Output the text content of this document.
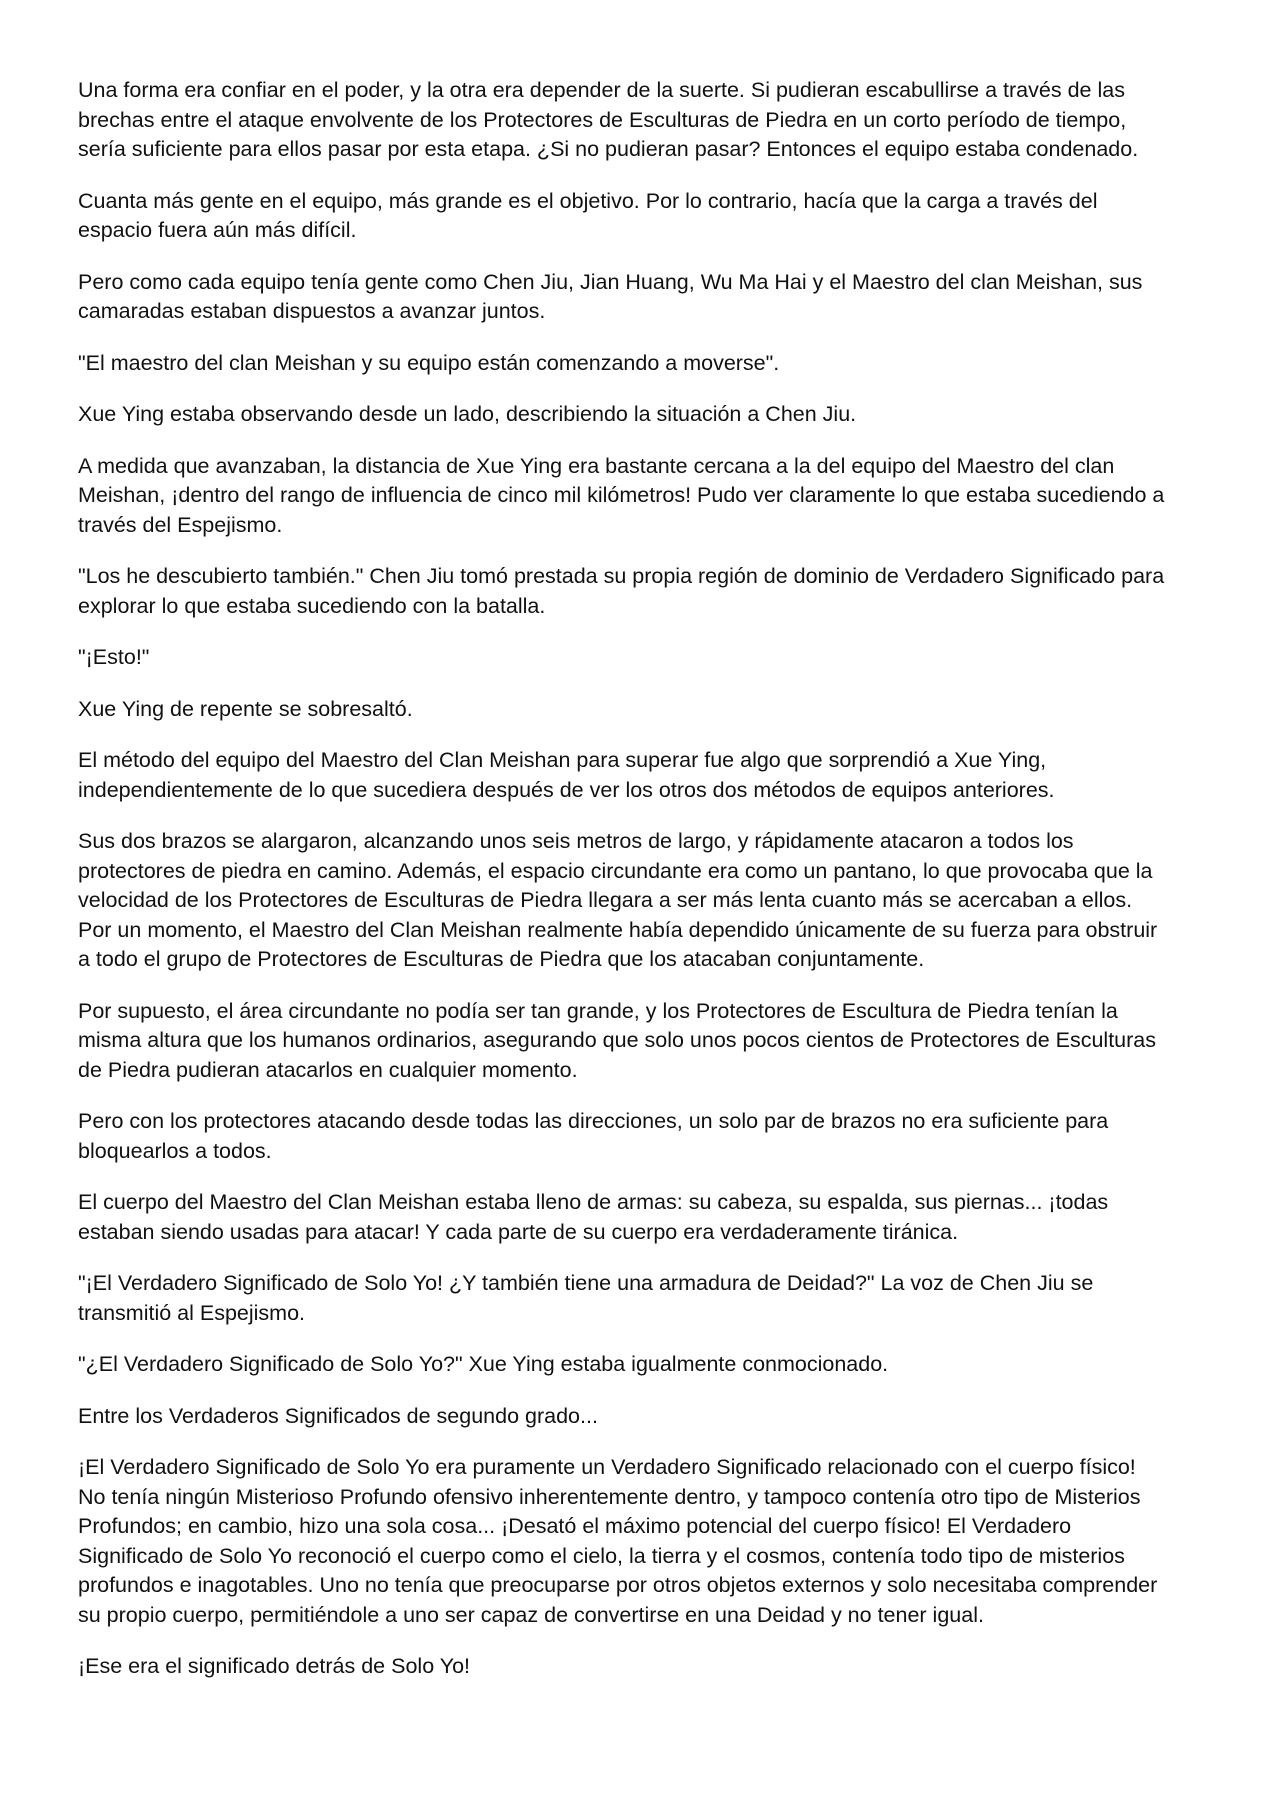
Una forma era confiar en el poder, y la otra era depender de la suerte. Si pudieran escabullirse a través de las brechas entre el ataque envolvente de los Protectores de Esculturas de Piedra en un corto período de tiempo, sería suficiente para ellos pasar por esta etapa. ¿Si no pudieran pasar? Entonces el equipo estaba condenado.

Cuanta más gente en el equipo, más grande es el objetivo. Por lo contrario, hacía que la carga a través del espacio fuera aún más difícil.

Pero como cada equipo tenía gente como Chen Jiu, Jian Huang, Wu Ma Hai y el Maestro del clan Meishan, sus camaradas estaban dispuestos a avanzar juntos.

"El maestro del clan Meishan y su equipo están comenzando a moverse".

Xue Ying estaba observando desde un lado, describiendo la situación a Chen Jiu.

A medida que avanzaban, la distancia de Xue Ying era bastante cercana a la del equipo del Maestro del clan Meishan, ¡dentro del rango de influencia de cinco mil kilómetros! Pudo ver claramente lo que estaba sucediendo a través del Espejismo.

"Los he descubierto también." Chen Jiu tomó prestada su propia región de dominio de Verdadero Significado para explorar lo que estaba sucediendo con la batalla.

"¡Esto!"

Xue Ying de repente se sobresaltó.

El método del equipo del Maestro del Clan Meishan para superar fue algo que sorprendió a Xue Ying, independientemente de lo que sucediera después de ver los otros dos métodos de equipos anteriores.

Sus dos brazos se alargaron, alcanzando unos seis metros de largo, y rápidamente atacaron a todos los protectores de piedra en camino. Además, el espacio circundante era como un pantano, lo que provocaba que la velocidad de los Protectores de Esculturas de Piedra llegara a ser más lenta cuanto más se acercaban a ellos. Por un momento, el Maestro del Clan Meishan realmente había dependido únicamente de su fuerza para obstruir a todo el grupo de Protectores de Esculturas de Piedra que los atacaban conjuntamente.

Por supuesto, el área circundante no podía ser tan grande, y los Protectores de Escultura de Piedra tenían la misma altura que los humanos ordinarios, asegurando que solo unos pocos cientos de Protectores de Esculturas de Piedra pudieran atacarlos en cualquier momento.

Pero con los protectores atacando desde todas las direcciones, un solo par de brazos no era suficiente para bloquearlos a todos.

El cuerpo del Maestro del Clan Meishan estaba lleno de armas: su cabeza, su espalda, sus piernas... ¡todas estaban siendo usadas para atacar! Y cada parte de su cuerpo era verdaderamente tiránica.

"¡El Verdadero Significado de Solo Yo! ¿Y también tiene una armadura de Deidad?" La voz de Chen Jiu se transmitió al Espejismo.

"¿El Verdadero Significado de Solo Yo?" Xue Ying estaba igualmente conmocionado.

Entre los Verdaderos Significados de segundo grado...

¡El Verdadero Significado de Solo Yo era puramente un Verdadero Significado relacionado con el cuerpo físico! No tenía ningún Misterioso Profundo ofensivo inherentemente dentro, y tampoco contenía otro tipo de Misterios Profundos; en cambio, hizo una sola cosa... ¡Desató el máximo potencial del cuerpo físico! El Verdadero Significado de Solo Yo reconoció el cuerpo como el cielo, la tierra y el cosmos, contenía todo tipo de misterios profundos e inagotables. Uno no tenía que preocuparse por otros objetos externos y solo necesitaba comprender su propio cuerpo, permitiéndole a uno ser capaz de convertirse en una Deidad y no tener igual.

¡Ese era el significado detrás de Solo Yo!
